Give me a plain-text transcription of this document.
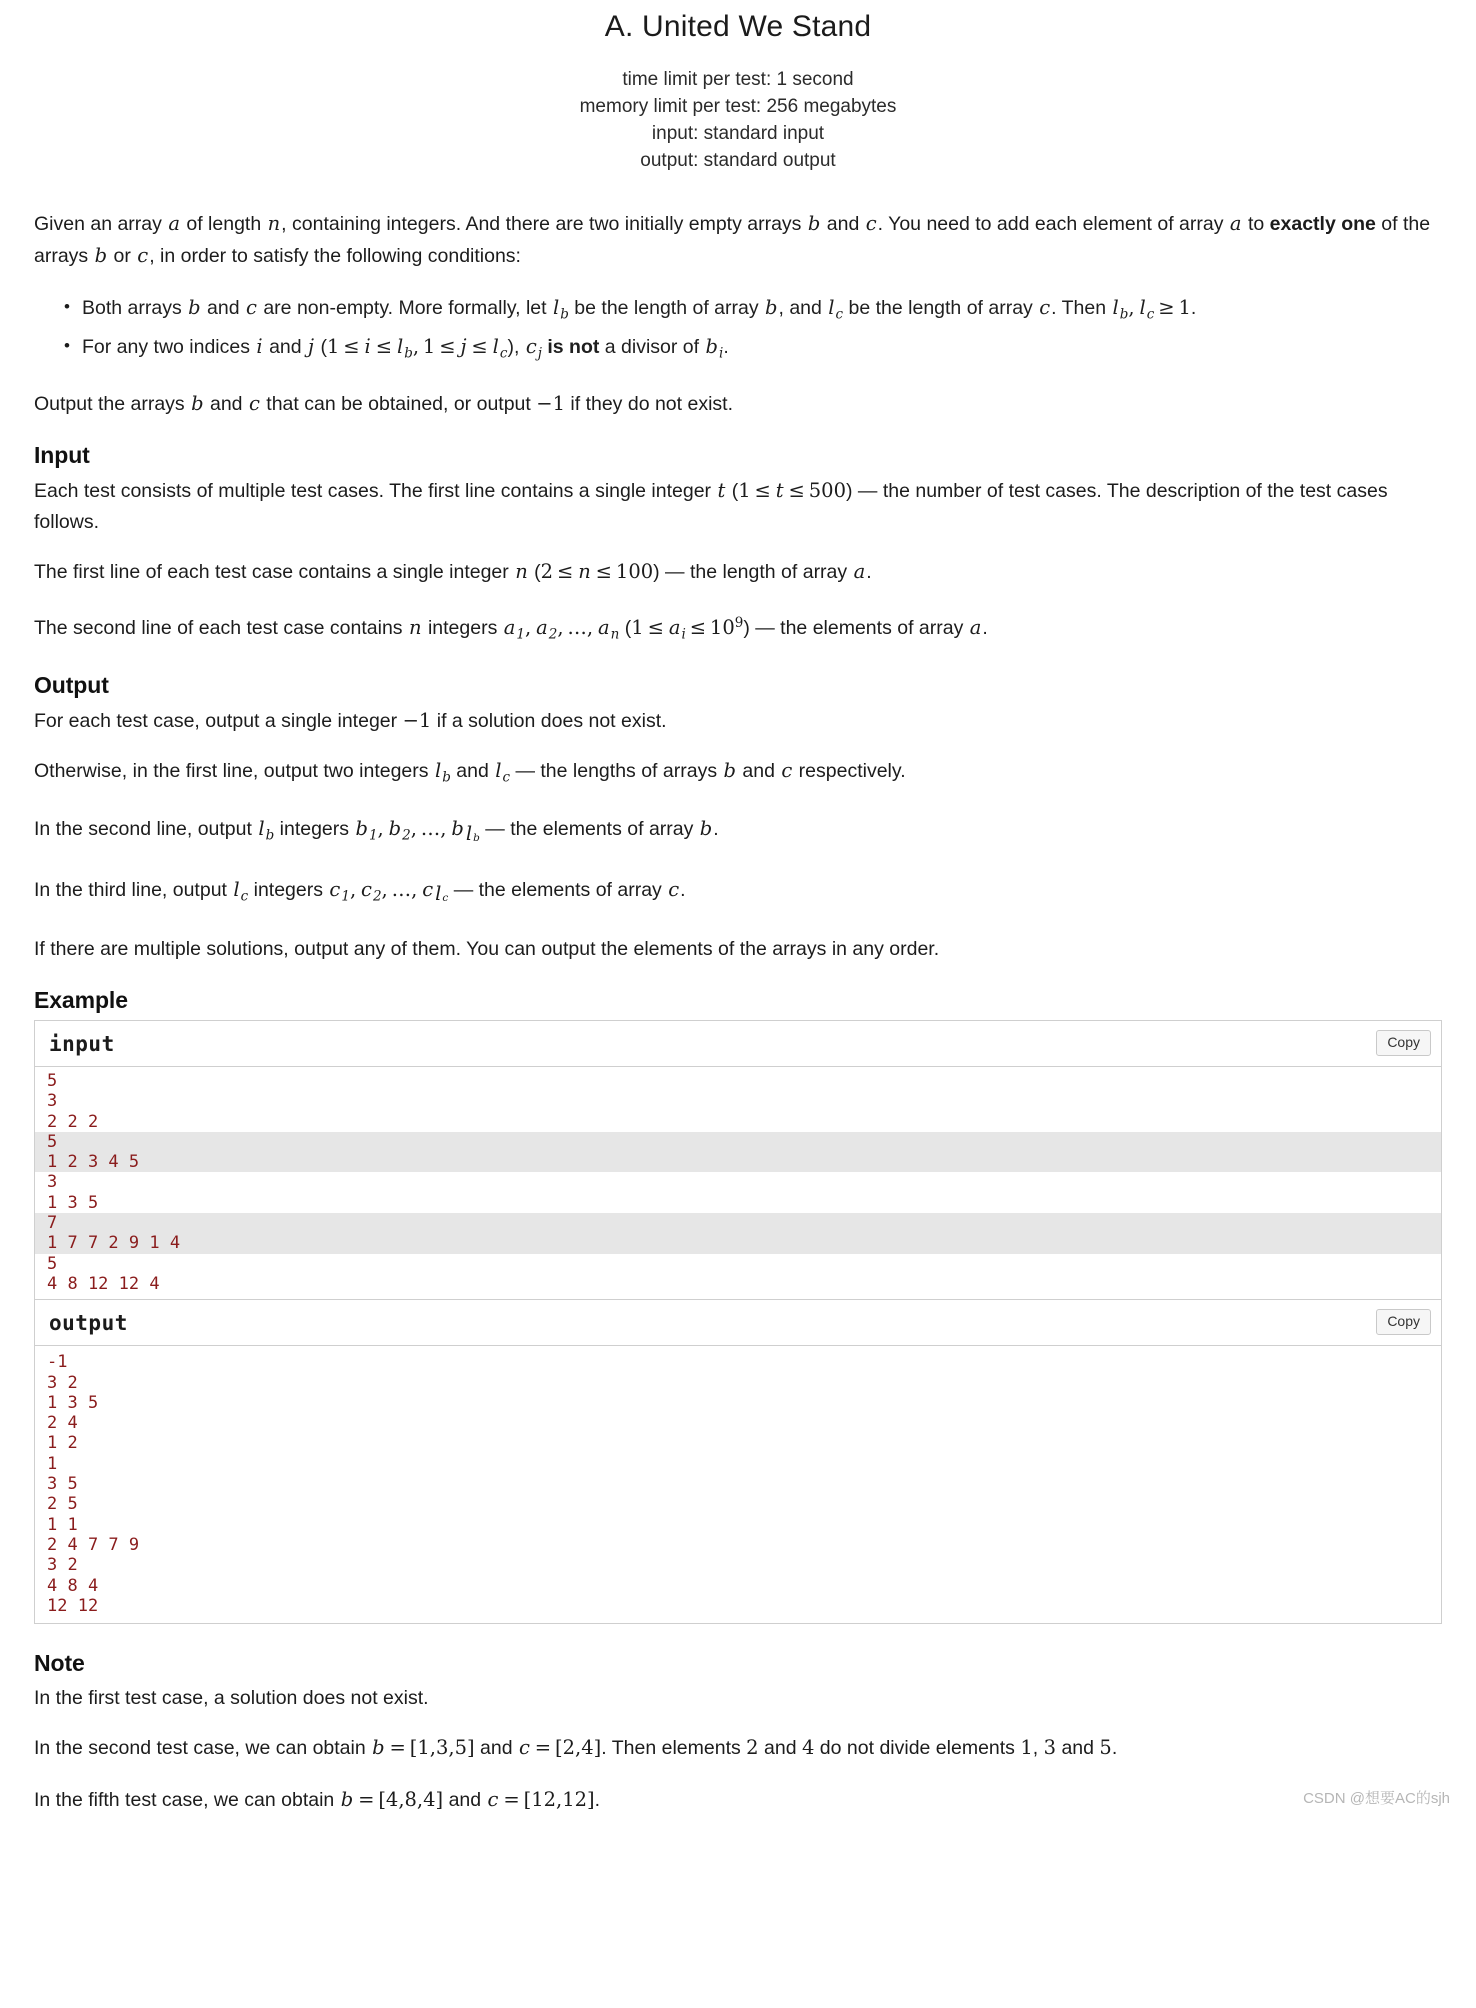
A. United We Stand
time limit per test: 1 second
memory limit per test: 256 megabytes
input: standard input
output: standard output

Given an array a of length n, containing integers. And there are two initially empty arrays b and c. You need to add each element of array a to exactly one of the arrays b or c, in order to satisfy the following conditions:

• Both arrays b and c are non-empty. More formally, let $l_b$ be the length of array b, and $l_c$ be the length of array c. Then $l_b$, $l_c \ge 1$.
• For any two indices i and j ($1 \le i \le l_b$, $1 \le j \le l_c$), $c_j$ is not a divisor of $b_i$.

Output the arrays b and c that can be obtained, or output −1 if they do not exist.

Input

Each test consists of multiple test cases. The first line contains a single integer t (1 ≤ t ≤ 500) — the number of test cases. The description of the test cases follows.

The first line of each test case contains a single integer n (2 ≤ n ≤ 100) — the length of array a.

The second line of each test case contains n integers $a_1$, $a_2$, …, $a_n$ $(1 \le a_i \le 10^9)$ — the elements of array a.

Output

For each test case, output a single integer −1 if a solution does not exist.

Otherwise, in the first line, output two integers $l_b$ and $l_c$ — the lengths of arrays b and c respectively.

In the second line, output $l_b$ integers $b_1$, $b_2$, …, b $_{lb}$ — the elements of array b.

In the third line, output $l_c$ integers $c_1$, $c_2$, …, c $_{lc}$ — the elements of array c.

If there are multiple solutions, output any of them. You can output the elements of the arrays in any order.

Example
input	Copy
5
3
2 2 2
5
1 2 3 4 5
3
1 3 5
7
1 7 7 2 9 1 4
5
4 8 12 12 4
output	Copy
-1
3 2
1 3 5
2 4
1 2
1
3 5
2 5
1 1
2 4 7 7 9
3 2
4 8 4
12 12
Note

In the first test case, a solution does not exist.

In the second test case, we can obtain b = [1,3,5] and c = [2,4]. Then elements 2 and 4 do not divide elements 1, 3 and 5.

In the fifth test case, we can obtain b = [4,8,4] and c = [12,12].	CSDN @想要AC的sjh
